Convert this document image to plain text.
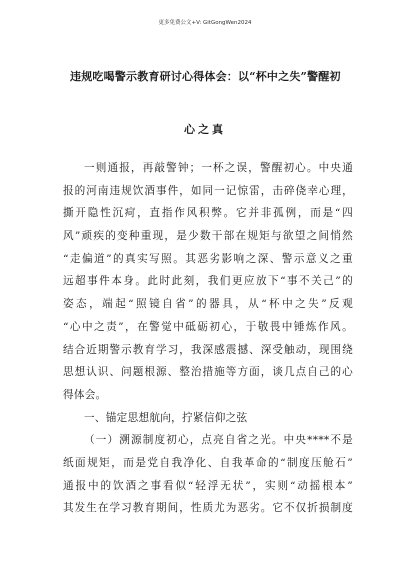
更多免费公文+V: GitGongWen2024
违规吃喝警示教育研讨心得体会：以“杯中之失”警醒初
心之真
一则通报，再敲警钟；一杯之误，警醒初心。中央通
报的河南违规饮酒事件，如同一记惊雷，击碎侥幸心理，
撕开隐性沉疴，直指作风积弊。它并非孤例，而是“四
风”顽疾的变种重现，是少数干部在规矩与欲望之间悄然
“走偏道”的真实写照。其恶劣影响之深、警示意义之重
远超事件本身。此时此刻，我们更应放下“事不关己”的
姿态，端起“照镜自省”的器具，从“杯中之失”反观
“心中之责”，在警觉中砥砺初心，于敬畏中锤炼作风。
结合近期警示教育学习，我深感震撼、深受触动，现围绕
思想认识、问题根源、整治措施等方面，谈几点自己的心
得体会。
一、锚定思想航向，拧紧信仰之弦
（一）溯源制度初心，点亮自省之光。中央****不是
纸面规矩，而是党自我净化、自我革命的“制度压舱石”
通报中的饮酒之事看似“轻浮无状”，实则“动摇根本”
其发生在学习教育期间，性质尤为恶劣。它不仅折损制度
